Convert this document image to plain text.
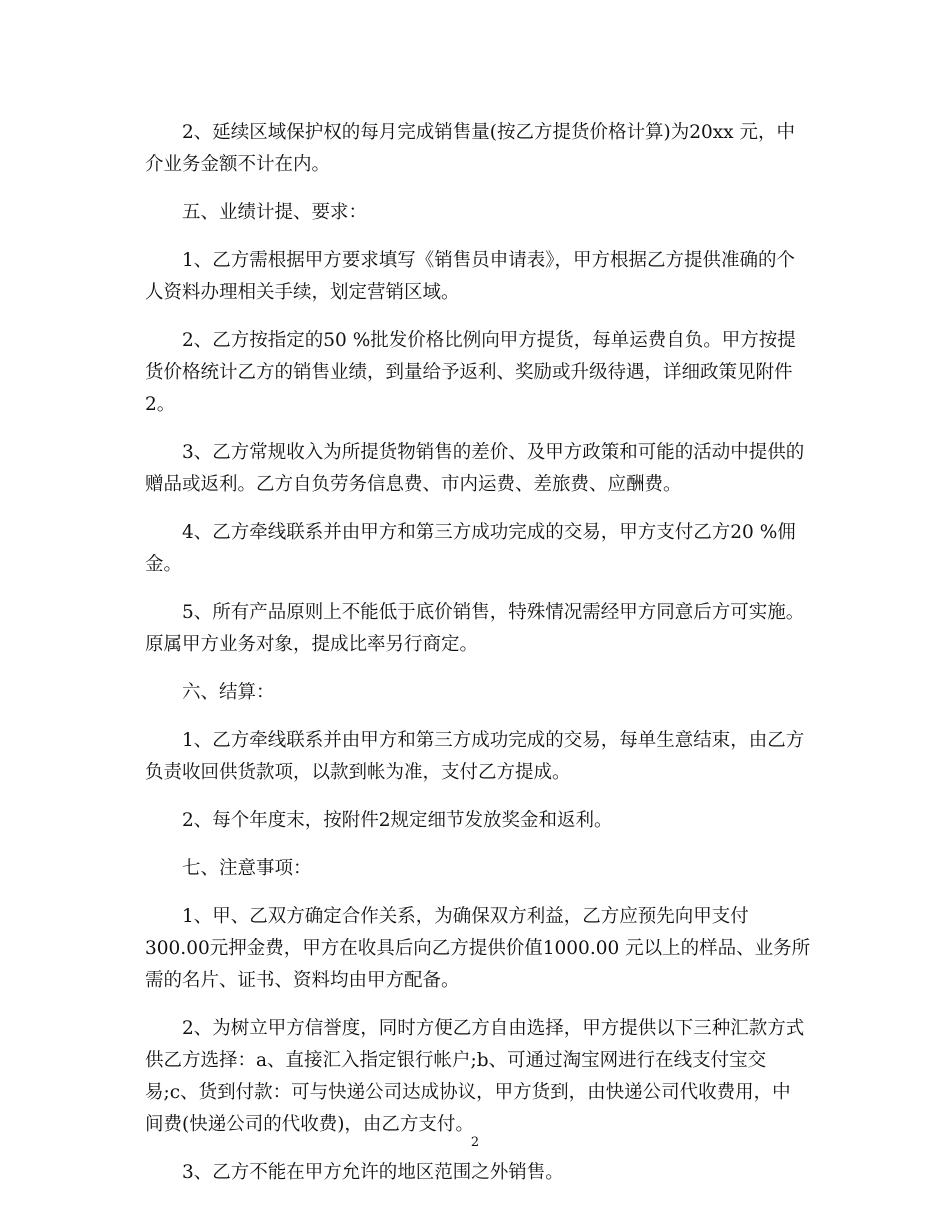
2、延续区域保护权的每月完成销售量(按乙方提货价格计算)为20xx 元，中
介业务金额不计在内。
五、业绩计提、要求：
1、乙方需根据甲方要求填写《销售员申请表》，甲方根据乙方提供准确的个
人资料办理相关手续，划定营销区域。
2、乙方按指定的50 %批发价格比例向甲方提货，每单运费自负。甲方按提
货价格统计乙方的销售业绩，到量给予返利、奖励或升级待遇，详细政策见附件
2。
3、乙方常规收入为所提货物销售的差价、及甲方政策和可能的活动中提供的
赠品或返利。乙方自负劳务信息费、市内运费、差旅费、应酬费。
4、乙方牵线联系并由甲方和第三方成功完成的交易，甲方支付乙方20 %佣
金。
5、所有产品原则上不能低于底价销售，特殊情况需经甲方同意后方可实施。
原属甲方业务对象，提成比率另行商定。
六、结算：
1、乙方牵线联系并由甲方和第三方成功完成的交易，每单生意结束，由乙方
负责收回供货款项，以款到帐为准，支付乙方提成。
2、每个年度末，按附件2规定细节发放奖金和返利。
七、注意事项：
1、甲、乙双方确定合作关系，为确保双方利益，乙方应预先向甲支付
300.00元押金费，甲方在收具后向乙方提供价值1000.00 元以上的样品、业务所
需的名片、证书、资料均由甲方配备。
2、为树立甲方信誉度，同时方便乙方自由选择，甲方提供以下三种汇款方式
供乙方选择：a、直接汇入指定银行帐户;b、可通过淘宝网进行在线支付宝交
易;c、货到付款：可与快递公司达成协议，甲方货到，由快递公司代收费用，中
间费(快递公司的代收费)，由乙方支付。
3、乙方不能在甲方允许的地区范围之外销售。
2
